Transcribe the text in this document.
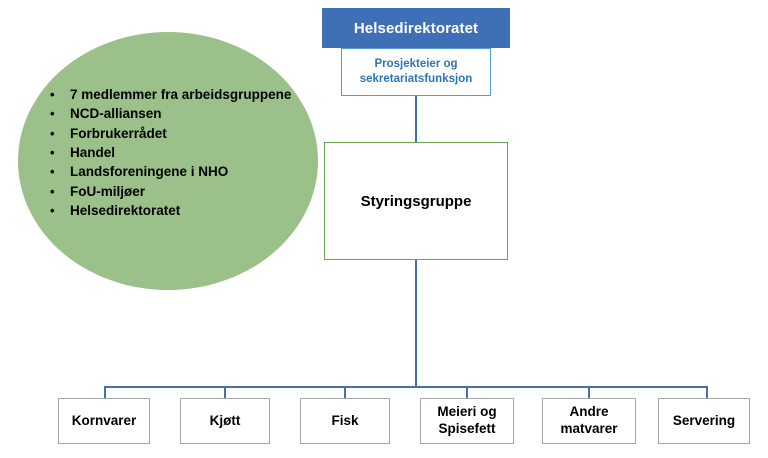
• 7 medlemmer fra arbeidsgruppene
• NCD-alliansen
• Forbrukerrådet
• Handel
• Landsforeningene i NHO
• FoU-miljøer
• Helsedirektoratet
Helsedirektoratet
Prosjekteier og sekretariatsfunksjon
Styringsgruppe
Kornvarer	Kjøtt	Fisk
Meieri og Spisefett
Andre matvarer
Servering
